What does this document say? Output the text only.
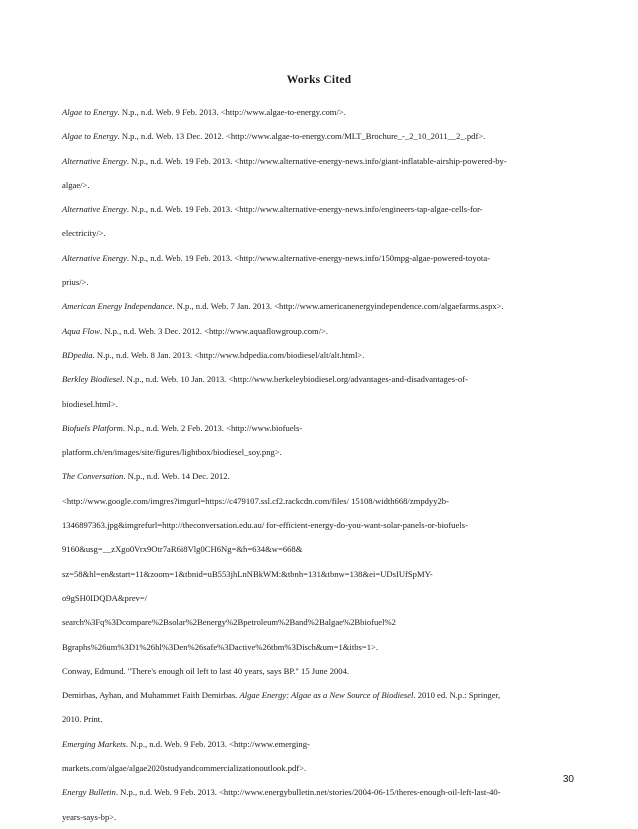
Works Cited
Algae to Energy. N.p., n.d. Web. 9 Feb. 2013. <http://www.algae-to-energy.com/>.
Algae to Energy. N.p., n.d. Web. 13 Dec. 2012. <http://www.algae-to-energy.com/MLT_Brochure_-_2_10_2011__2_.pdf>.
Alternative Energy. N.p., n.d. Web. 19 Feb. 2013. <http://www.alternative-energy-news.info/giant-inflatable-airship-powered-by-
algae/>.
Alternative Energy. N.p., n.d. Web. 19 Feb. 2013. <http://www.alternative-energy-news.info/engineers-tap-algae-cells-for-
electricity/>.
Alternative Energy. N.p., n.d. Web. 19 Feb. 2013. <http://www.alternative-energy-news.info/150mpg-algae-powered-toyota-
prius/>.
American Energy Independance. N.p., n.d. Web. 7 Jan. 2013. <http://www.americanenergyindependence.com/algaefarms.aspx>.
Aqua Flow. N.p., n.d. Web. 3 Dec. 2012. <http://www.aquaflowgroup.com/>.
BDpedia. N.p., n.d. Web. 8 Jan. 2013. <http://www.bdpedia.com/biodiesel/alt/alt.html>.
Berkley Biodiesel. N.p., n.d. Web. 10 Jan. 2013. <http://www.berkeleybiodiesel.org/advantages-and-disadvantages-of-
biodiesel.html>.
Biofuels Platform. N.p., n.d. Web. 2 Feb. 2013. <http://www.biofuels-
platform.ch/en/images/site/figures/lightbox/biodiesel_soy.png>.
The Conversation. N.p., n.d. Web. 14 Dec. 2012.
<http://www.google.com/imgres?imgurl=https://c479107.ssl.cf2.rackcdn.com/files/ 15108/width668/zmpdyy2b-
1346897363.jpg&imgrefurl=http://theconversation.edu.au/ for-efficient-energy-do-you-want-solar-panels-or-biofuels-
9160&usg=__zXgo0Vrx9Otr7aR6i8Vlg0CH6Ng=&h=634&w=668&
sz=58&hl=en&start=11&zoom=1&tbnid=uB553jhLnNBkWM:&tbnh=131&tbnw=138&ei=UDsIUfSpMY-
o9gSH0IDQDA&prev=/
search%3Fq%3Dcompare%2Bsolar%2Benergy%2Bpetroleum%2Band%2Balgae%2Bbiofuel%2
Bgraphs%26um%3D1%26hl%3Den%26safe%3Dactive%26tbm%3Disch&um=1&itbs=1>.
Conway, Edmund. "There's enough oil left to last 40 years, says BP." 15 June 2004.
Demirbas, Ayhan, and Muhammet Faith Demirbas. Algae Energy: Algae as a New Source of Biodiesel. 2010 ed. N.p.: Springer,
2010. Print.
Emerging Markets. N.p., n.d. Web. 9 Feb. 2013. <http://www.emerging-
markets.com/algae/algae2020studyandcommercializationoutlook.pdf>.
Energy Bulletin. N.p., n.d. Web. 9 Feb. 2013. <http://www.energybulletin.net/stories/2004-06-15/theres-enough-oil-left-last-40-
years-says-bp>.
30
